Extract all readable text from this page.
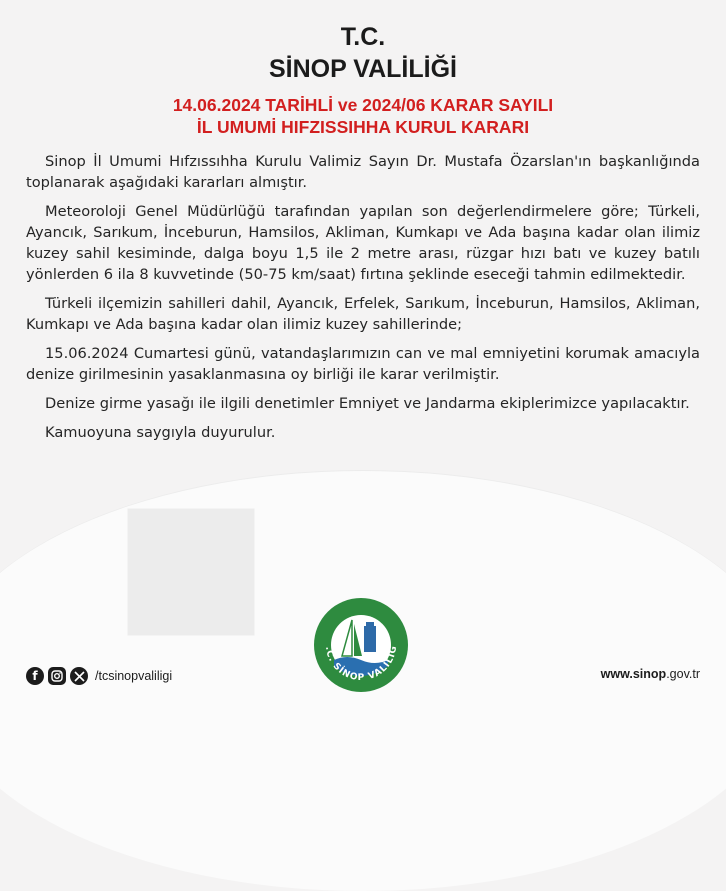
T.C.
SİNOP VALİLİĞİ
14.06.2024 TARİHLİ ve 2024/06 KARAR SAYILI
İL UMUMİ HIFZISSIHHA KURUL KARARI

Sinop İl Umumi Hıfzıssıhha Kurulu Valimiz Sayın Dr. Mustafa Özarslan'ın başkanlığında toplanarak aşağıdaki kararları almıştır.

Meteoroloji Genel Müdürlüğü tarafından yapılan son değerlendirmelere göre; Türkeli, Ayancık, Sarıkum, İnceburun, Hamsilos, Akliman, Kumkapı ve Ada başına kadar olan ilimiz kuzey sahil kesiminde, dalga boyu 1,5 ile 2 metre arası, rüzgar hızı batı ve kuzey batılı yönlerden 6 ila 8 kuvvetinde (50-75 km/saat) fırtına şeklinde eseceği tahmin edilmektedir.

Türkeli ilçemizin sahilleri dahil, Ayancık, Erfelek, Sarıkum, İnceburun, Hamsilos, Akliman, Kumkapı ve Ada başına kadar olan ilimiz kuzey sahillerinde;

15.06.2024 Cumartesi günü, vatandaşlarımızın can ve mal emniyetini korumak amacıyla denize girilmesinin yasaklanmasına oy birliği ile karar verilmiştir.

Denize girme yasağı ile ilgili denetimler Emniyet ve Jandarma ekiplerimizce yapılacaktır.

Kamuoyuna saygıyla duyurulur.

.C. SİNOP VALİLİĞ
f	/tcsinopvaliligi	www.sinop.gov.tr
